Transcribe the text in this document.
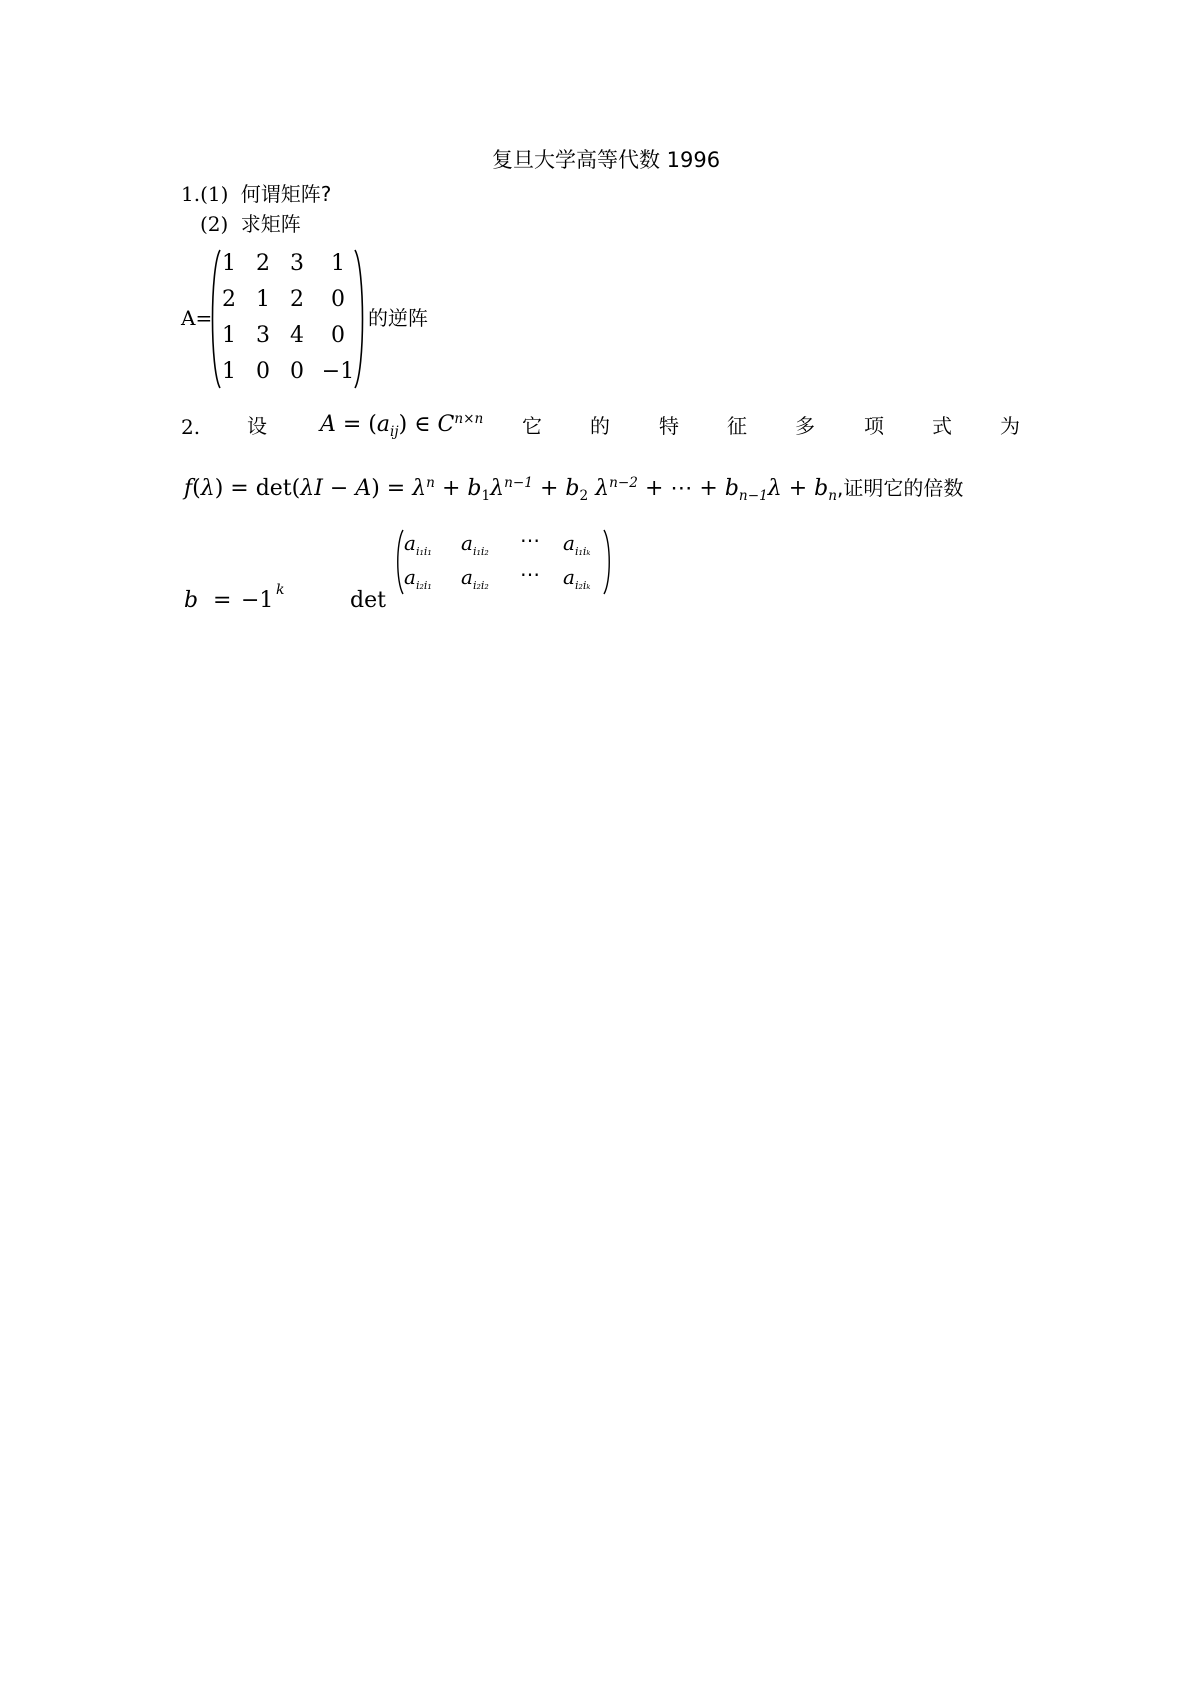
复旦大学高等代数 1996
1.(1) 何谓矩阵?
(2) 求矩阵
A=
1 2 3	1
2 1 2	0
1 3 4	0
1 0 0 −1
的逆阵
2. 设 $A = (a_{ij})$ ∈ $C^{n\times n}$ 它 的 特 征 多 项 式 为
$f(\lambda) = \det(\lambda I - A) = \lambda^n + b_1\lambda^{n-1} + b_2$ $\lambda^{n-2}$ + ⋯ + $b_{n-1}\lambda + b_n$,证明它的倍数
b = −1 k	det
$a_{i_1i_1}$ $a_{i_1i_2}$ ⋯ $a_{i_1i_k}$
$a_{i_2i_1}$ $a_{i_2i_2}$ ⋯ $a_{i_2i_k}$
